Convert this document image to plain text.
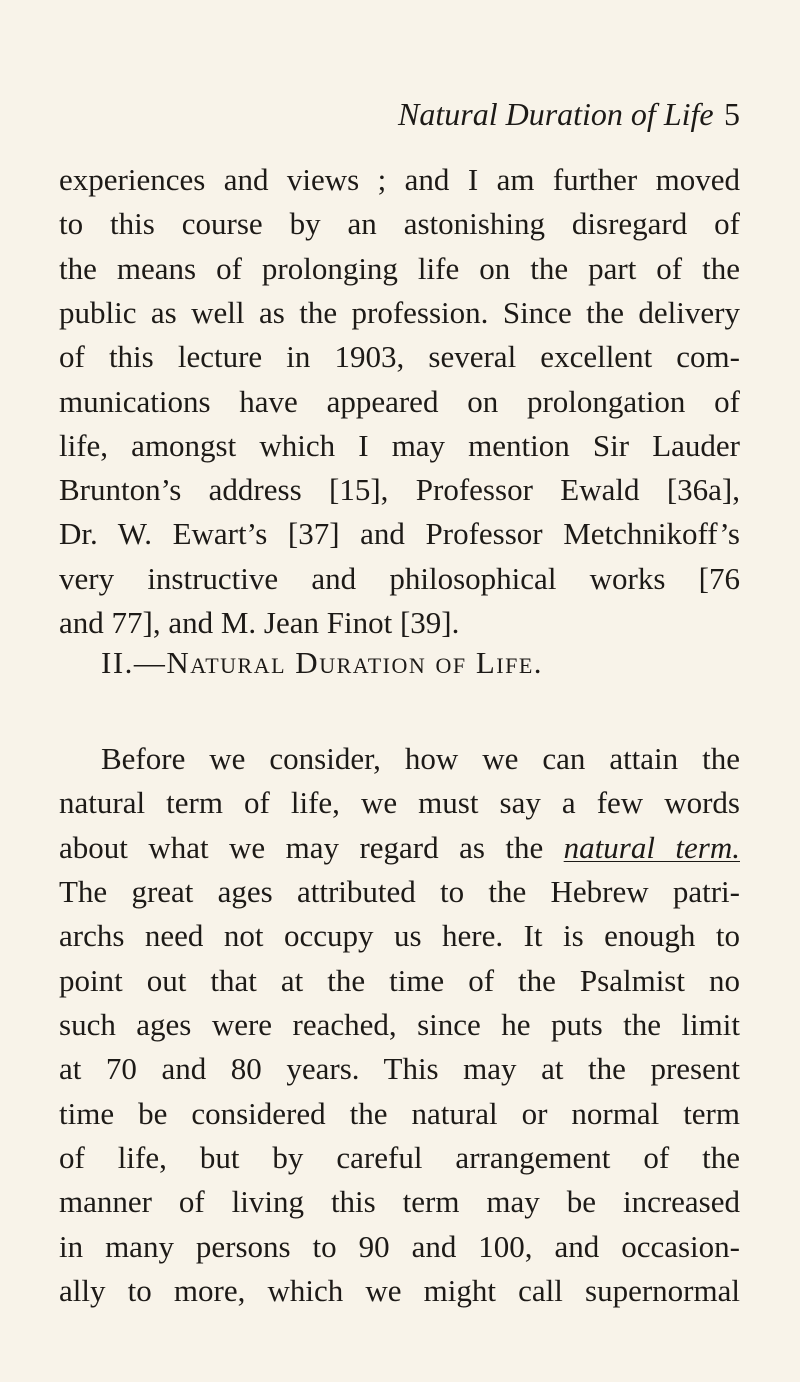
Natural Duration of Life 5
experiences and views ; and I am further moved
to this course by an astonishing disregard of
the means of prolonging life on the part of the
public as well as the profession. Since the delivery
of this lecture in 1903, several excellent com-
munications have appeared on prolongation of
life, amongst which I may mention Sir Lauder
Brunton’s address [15], Professor Ewald [36a],
Dr. W. Ewart’s [37] and Professor Metchnikoff’s
very instructive and philosophical works [76
and 77], and M. Jean Finot [39].
II.—Natural Duration of Life.
Before we consider, how we can attain the
natural term of life, we must say a few words
about what we may regard as the natural term.
The great ages attributed to the Hebrew patri-
archs need not occupy us here. It is enough to
point out that at the time of the Psalmist no
such ages were reached, since he puts the limit
at 70 and 80 years. This may at the present
time be considered the natural or normal term
of life, but by careful arrangement of the
manner of living this term may be increased
in many persons to 90 and 100, and occasion-
ally to more, which we might call supernormal
